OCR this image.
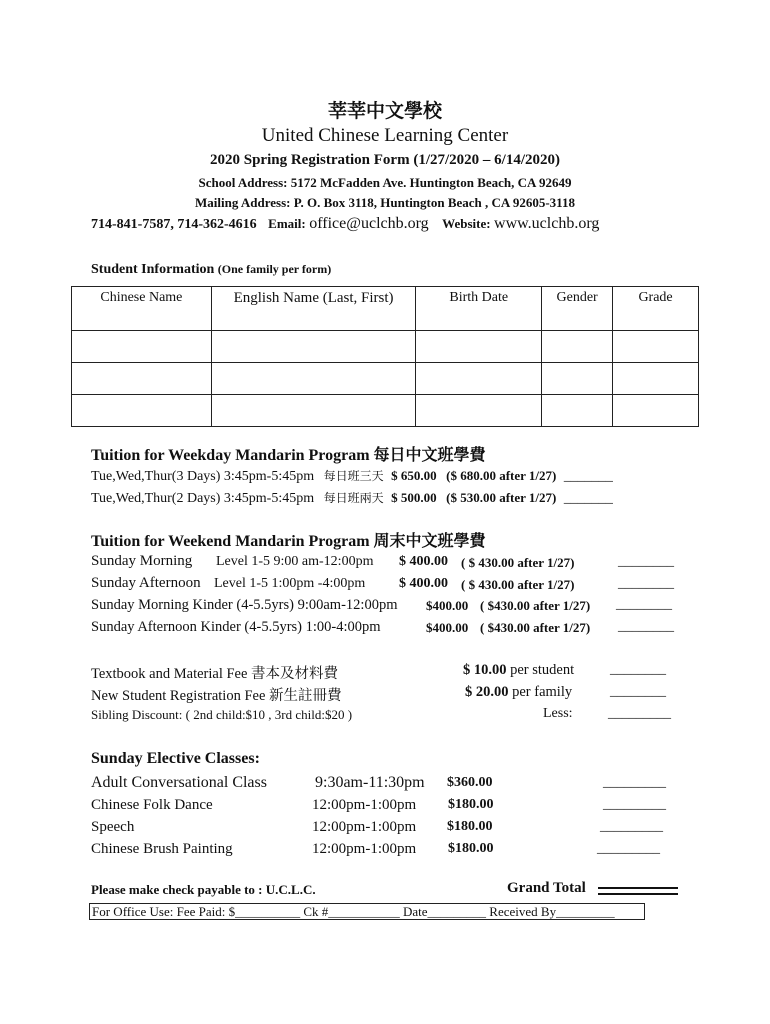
莘莘中文學校
United Chinese Learning Center
2020 Spring Registration Form (1/27/2020 – 6/14/2020)
School Address: 5172 McFadden Ave. Huntington Beach, CA 92649
Mailing Address: P. O. Box 3118, Huntington Beach , CA 92605-3118
714-841-7587, 714-362-4616 Email: office@uclchb.org Website: www.uclchb.org
Student Information (One family per form)
Chinese Name	English Name (Last, First)	Birth Date	Gender	Grade

Tuition for Weekday Mandarin Program 每日中文班學費
Tue,Wed,Thur(3 Days) 3:45pm-5:45pm 每日班三天 $ 650.00 ($ 680.00 after 1/27) _______
Tue,Wed,Thur(2 Days) 3:45pm-5:45pm 每日班兩天 $ 500.00 ($ 530.00 after 1/27) _______
Tuition for Weekend Mandarin Program 周末中文班學費
Sunday Morning Level 1-5 9:00 am-12:00pm $ 400.00 ( $ 430.00 after 1/27)	________
Sunday Afternoon Level 1-5 1:00pm -4:00pm $ 400.00 ( $ 430.00 after 1/27)	________
Sunday Morning Kinder (4-5.5yrs) 9:00am-12:00pm $400.00 ( $430.00 after 1/27) ________
Sunday Afternoon Kinder (4-5.5yrs) 1:00-4:00pm	$400.00 ( $430.00 after 1/27) ________
Textbook and Material Fee 書本及材料費	$ 10.00 per student	________
New Student Registration Fee 新生註冊費	$ 20.00 per family	________
Sibling Discount: ( 2nd child:$10 , 3rd child:$20 )	Less:	_________
Sunday Elective Classes:
Adult Conversational Class	9:30am-11:30pm $360.00	_________
Chinese Folk Dance	12:00pm-1:00pm $180.00	_________
Speech	12:00pm-1:00pm $180.00	_________
Chinese Brush Painting	12:00pm-1:00pm $180.00	_________
Please make check payable to : U.C.L.C.	Grand Total
For Office Use: Fee Paid: $__________ Ck #___________ Date_________ Received By_________
